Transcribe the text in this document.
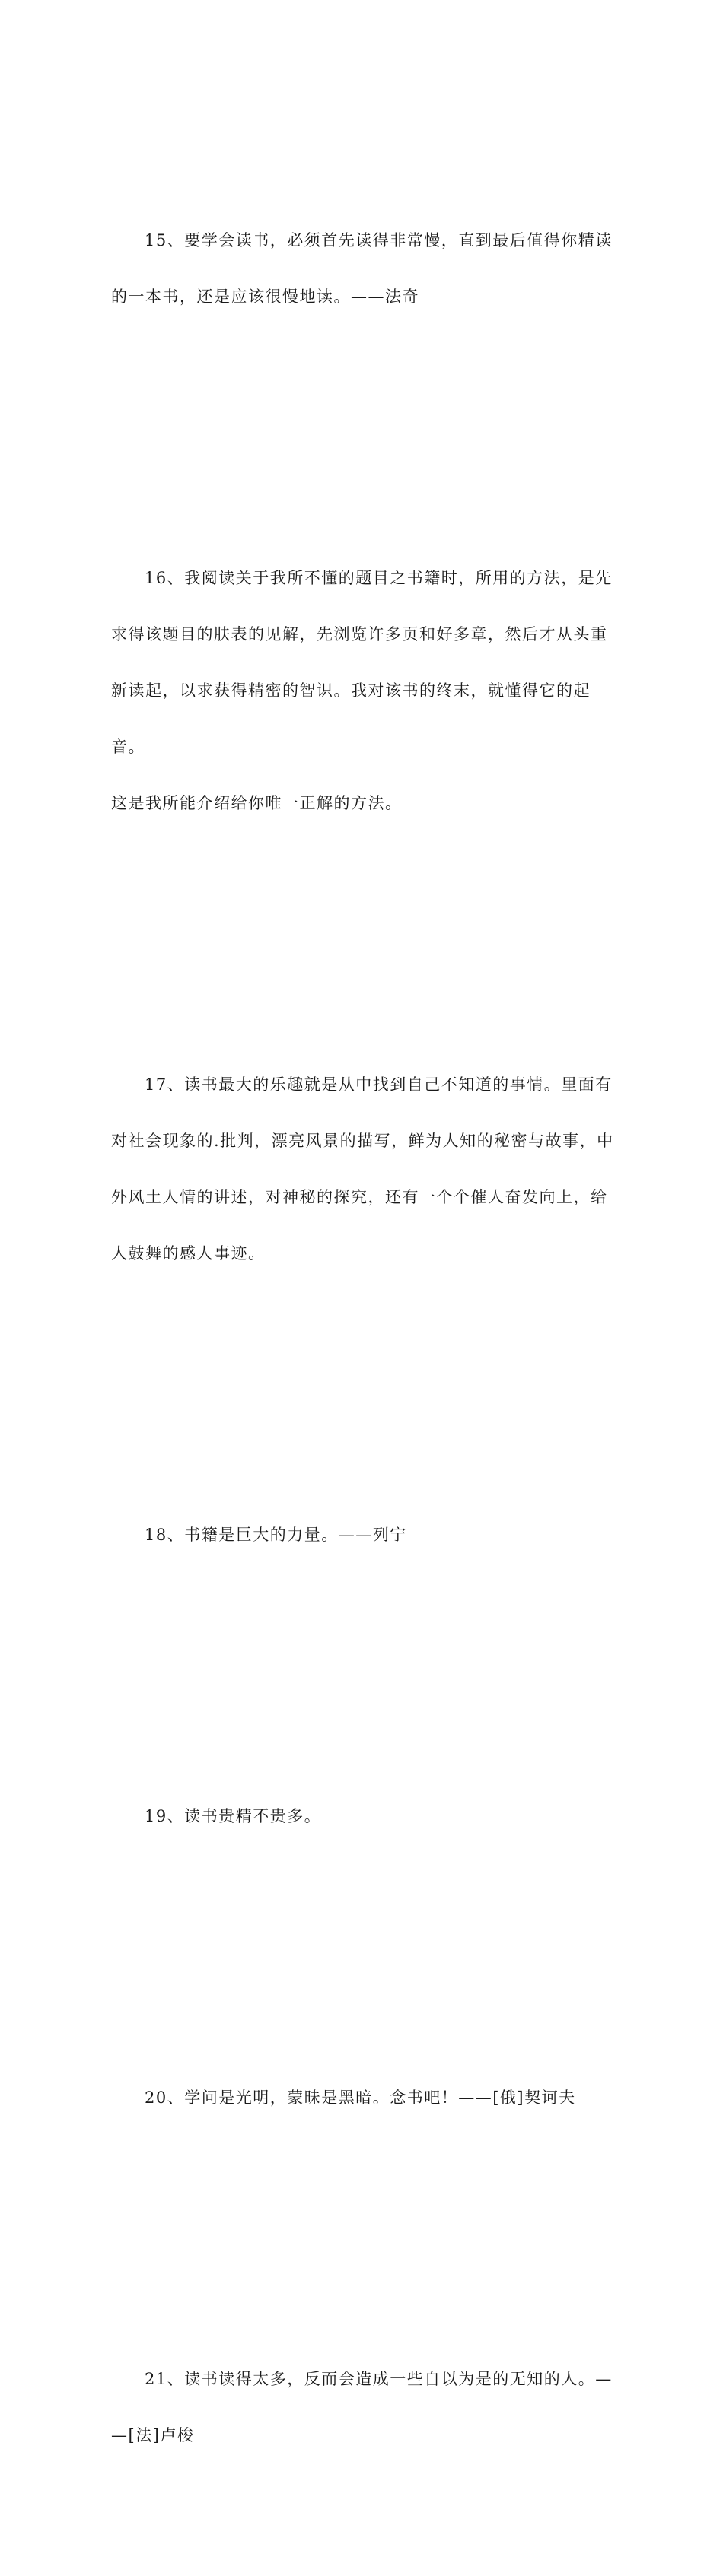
15、要学会读书，必须首先读得非常慢，直到最后值得你精读
的一本书，还是应该很慢地读。——法奇

16、我阅读关于我所不懂的题目之书籍时，所用的方法，是先
求得该题目的肤表的见解，先浏览许多页和好多章，然后才从头重
新读起，以求获得精密的智识。我对该书的终末，就懂得它的起音。
这是我所能介绍给你唯一正解的方法。

17、读书最大的乐趣就是从中找到自己不知道的事情。里面有
对社会现象的.批判，漂亮风景的描写，鲜为人知的秘密与故事，中
外风土人情的讲述，对神秘的探究，还有一个个催人奋发向上，给
人鼓舞的感人事迹。

18、书籍是巨大的力量。——列宁

19、读书贵精不贵多。

20、学问是光明，蒙昧是黑暗。念书吧！——[俄]契诃夫

21、读书读得太多，反而会造成一些自以为是的无知的人。—
—[法]卢梭
